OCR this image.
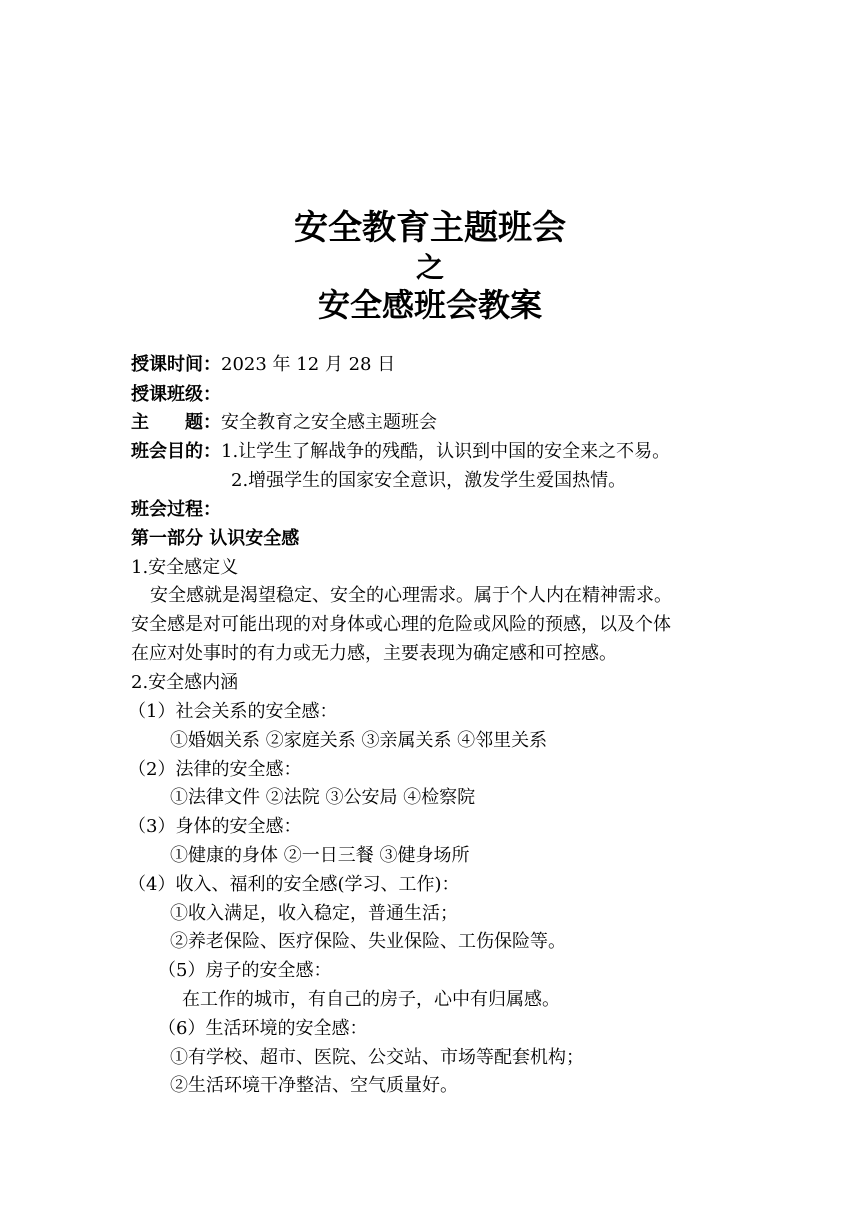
安全教育主题班会
之
安全感班会教案
授课时间：2023 年 12 月 28 日
授课班级：
主　　题：安全教育之安全感主题班会
班会目的：1.让学生了解战争的残酷，认识到中国的安全来之不易。
2.增强学生的国家安全意识，激发学生爱国热情。
班会过程：
第一部分 认识安全感
1.安全感定义
安全感就是渴望稳定、安全的心理需求。属于个人内在精神需求。
安全感是对可能出现的对身体或心理的危险或风险的预感，以及个体
在应对处事时的有力或无力感，主要表现为确定感和可控感。
2.安全感内涵
（1）社会关系的安全感：
①婚姻关系 ②家庭关系 ③亲属关系 ④邻里关系
（2）法律的安全感：
①法律文件 ②法院 ③公安局 ④检察院
（3）身体的安全感：
①健康的身体 ②一日三餐 ③健身场所
（4）收入、福利的安全感(学习、工作)：
①收入满足，收入稳定，普通生活；
②养老保险、医疗保险、失业保险、工伤保险等。
（5）房子的安全感：
在工作的城市，有自己的房子，心中有归属感。
（6）生活环境的安全感：
①有学校、超市、医院、公交站、市场等配套机构；
②生活环境干净整洁、空气质量好。
